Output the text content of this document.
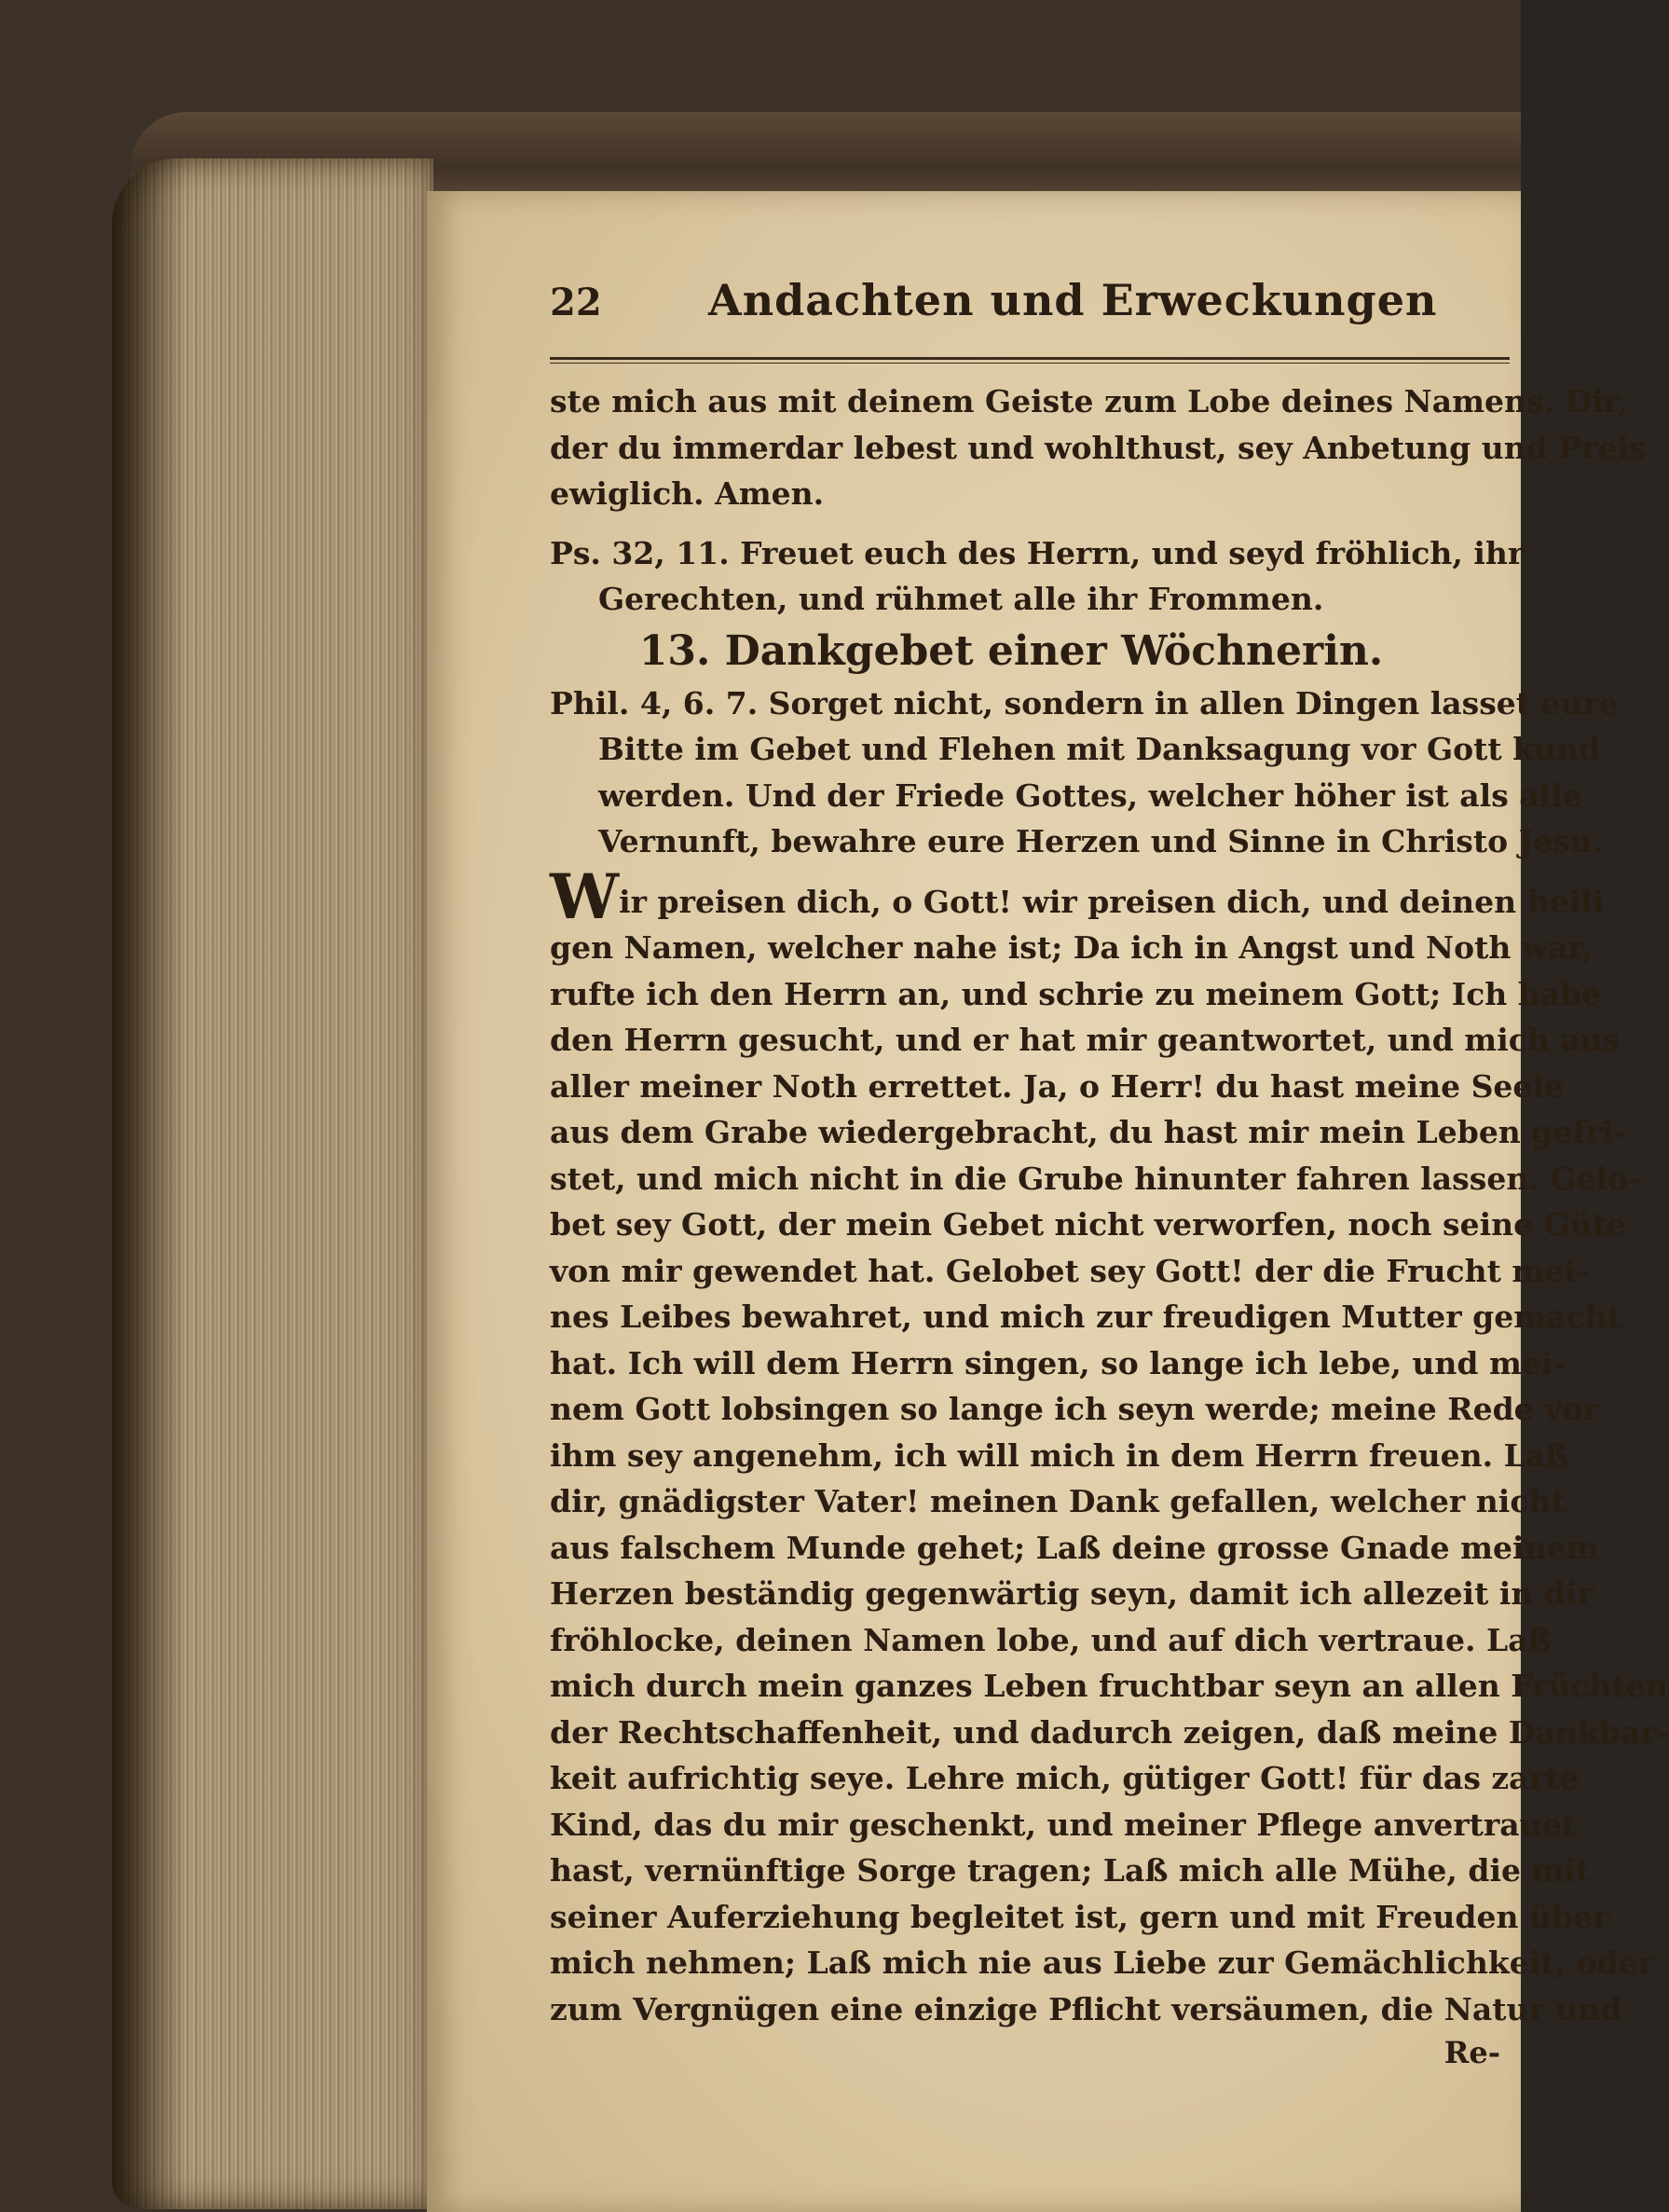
22	Andachten und Erweckungen
ste mich aus mit deinem Geiste zum Lobe deines Namens. Dir,
der du immerdar lebest und wohlthust, sey Anbetung und Preis
ewiglich. Amen.
Ps. 32, 11. Freuet euch des Herrn, und seyd fröhlich, ihr
Gerechten, und rühmet alle ihr Frommen.
13. Dankgebet einer Wöchnerin.
Phil. 4, 6. 7. Sorget nicht, sondern in allen Dingen lasset eure
Bitte im Gebet und Flehen mit Danksagung vor Gott kund
werden. Und der Friede Gottes, welcher höher ist als alle
Vernunft, bewahre eure Herzen und Sinne in Christo Jesu.
Wir preisen dich, o Gott! wir preisen dich, und deinen heili
gen Namen, welcher nahe ist; Da ich in Angst und Noth war,
rufte ich den Herrn an, und schrie zu meinem Gott; Ich habe
den Herrn gesucht, und er hat mir geantwortet, und mich aus
aller meiner Noth errettet. Ja, o Herr! du hast meine Seele
aus dem Grabe wiedergebracht, du hast mir mein Leben gefri-
stet, und mich nicht in die Grube hinunter fahren lassen. Gelo-
bet sey Gott, der mein Gebet nicht verworfen, noch seine Güte
von mir gewendet hat. Gelobet sey Gott! der die Frucht mei-
nes Leibes bewahret, und mich zur freudigen Mutter gemacht
hat. Ich will dem Herrn singen, so lange ich lebe, und mei-
nem Gott lobsingen so lange ich seyn werde; meine Rede vor
ihm sey angenehm, ich will mich in dem Herrn freuen. Laß
dir, gnädigster Vater! meinen Dank gefallen, welcher nicht
aus falschem Munde gehet; Laß deine grosse Gnade meinem
Herzen beständig gegenwärtig seyn, damit ich allezeit in dir
fröhlocke, deinen Namen lobe, und auf dich vertraue. Laß
mich durch mein ganzes Leben fruchtbar seyn an allen Früchten
der Rechtschaffenheit, und dadurch zeigen, daß meine Dankbar-
keit aufrichtig seye. Lehre mich, gütiger Gott! für das zarte
Kind, das du mir geschenkt, und meiner Pflege anvertrauet
hast, vernünftige Sorge tragen; Laß mich alle Mühe, die mit
seiner Auferziehung begleitet ist, gern und mit Freuden über
mich nehmen; Laß mich nie aus Liebe zur Gemächlichkeit, oder
zum Vergnügen eine einzige Pflicht versäumen, die Natur und
Re-
